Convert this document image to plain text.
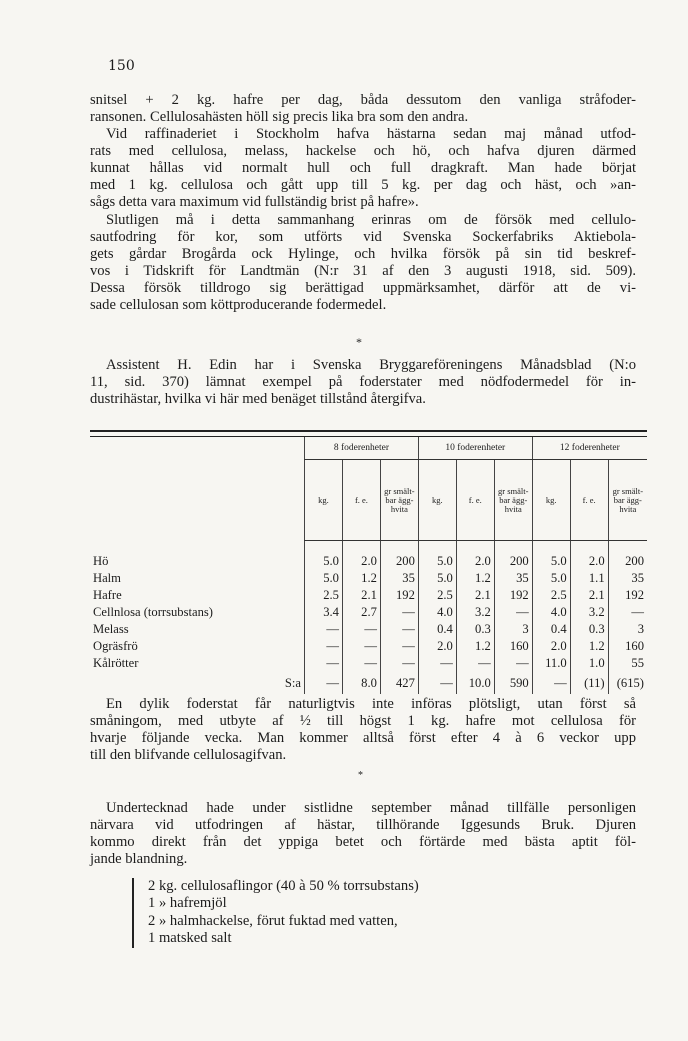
150
snitsel + 2 kg. hafre per dag, båda dessutom den vanliga stråfoder-
ransonen. Cellulosahästen höll sig precis lika bra som den andra.
Vid raffinaderiet i Stockholm hafva hästarna sedan maj månad utfod-
rats med cellulosa, melass, hackelse och hö, och hafva djuren därmed
kunnat hållas vid normalt hull och full dragkraft. Man hade börjat
med 1 kg. cellulosa och gått upp till 5 kg. per dag och häst, och »an-
sågs detta vara maximum vid fullständig brist på hafre».
Slutligen må i detta sammanhang erinras om de försök med cellulo-
sautfodring för kor, som utförts vid Svenska Sockerfabriks Aktiebola-
gets gårdar Brogårda ock Hylinge, och hvilka försök på sin tid beskref-
vos i Tidskrift för Landtmän (N:r 31 af den 3 augusti 1918, sid. 509).
Dessa försök tilldrogo sig berättigad uppmärksamhet, därför att de vi-
sade cellulosan som köttproducerande fodermedel.
*
Assistent H. Edin har i Svenska Bryggareföreningens Månadsblad (N:o
11, sid. 370) lämnat exempel på foderstater med nödfodermedel för in-
dustrihästar, hvilka vi här med benäget tillstånd återgifva.

	8 foderenheter			10 foderenheter			12 foderenheter		
	kg.	f. e.	gr smält-bar ägg-hvita	kg.	f. e.	gr smält-bar ägg-hvita	kg.	f. e.	gr smält-bar ägg-hvita
Hö	5.0	2.0	200	5.0	2.0	200	5.0	2.0	200
Halm	5.0	1.2	35	5.0	1.2	35	5.0	1.1	35
Hafre	2.5	2.1	192	2.5	2.1	192	2.5	2.1	192
Cellnlosa (torrsubstans)	3.4	2.7	—	4.0	3.2	—	4.0	3.2	—
Melass	—	—	—	0.4	0.3	3	0.4	0.3	3
Ogräsfrö	—	—	—	2.0	1.2	160	2.0	1.2	160
Kålrötter	—	—	—	—	—	—	11.0	1.0	55
S:a	—	8.0	427	—	10.0	590	—	(11)	(615)
En dylik foderstat får naturligtvis inte införas plötsligt, utan först så
småningom, med utbyte af ½ till högst 1 kg. hafre mot cellulosa för
hvarje följande vecka. Man kommer alltså först efter 4 à 6 veckor upp
till den blifvande cellulosagifvan.
*
Undertecknad hade under sistlidne september månad tillfälle personligen
närvara vid utfodringen af hästar, tillhörande Iggesunds Bruk. Djuren
kommo direkt från det yppiga betet och förtärde med bästa aptit föl-
jande blandning.
2 kg. cellulosaflingor (40 à 50 % torrsubstans)
1 » hafremjöl
2 » halmhackelse, förut fuktad med vatten,
1 matsked salt
